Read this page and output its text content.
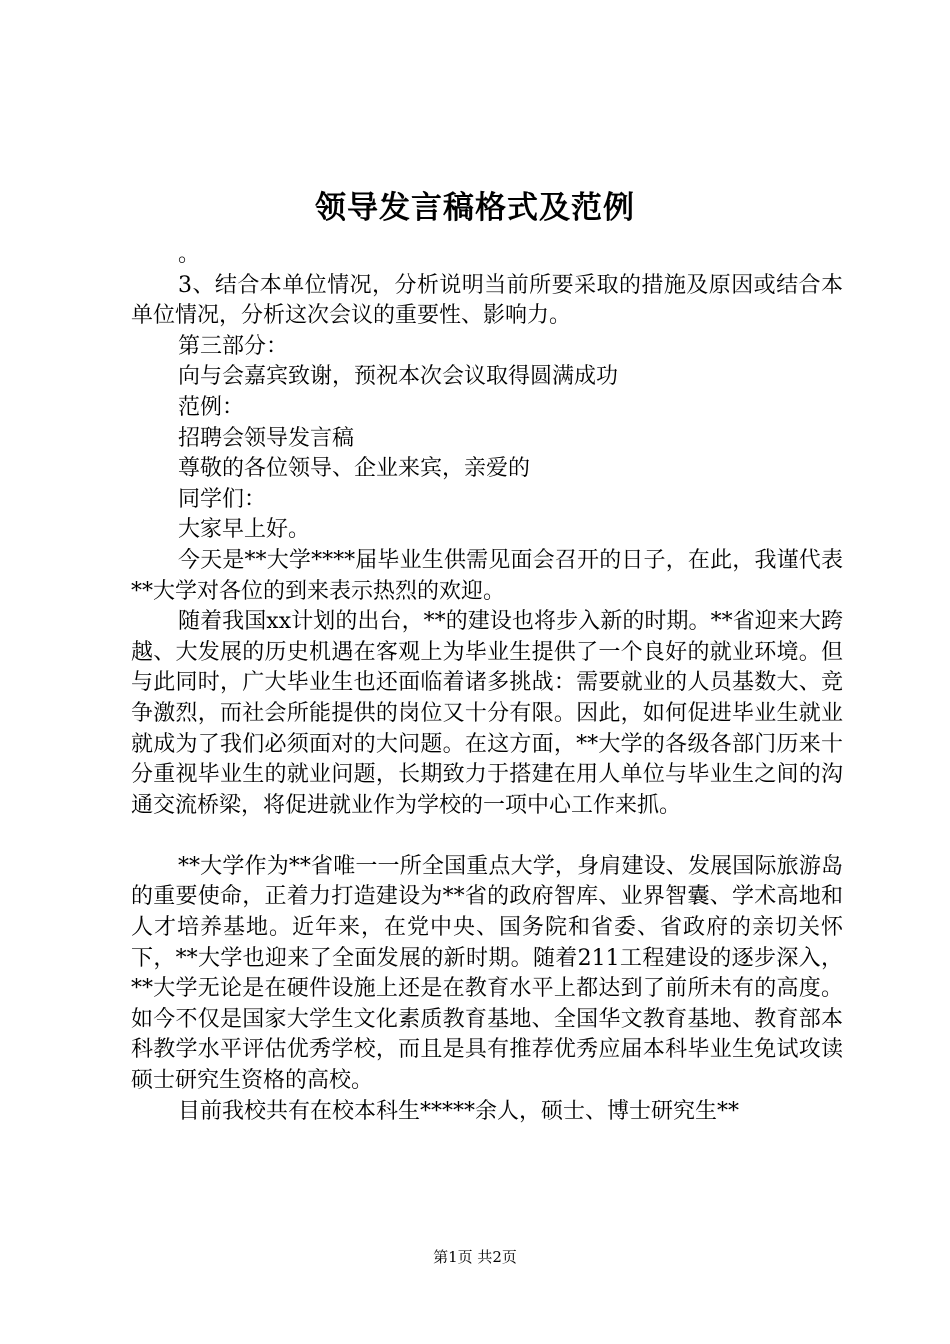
领导发言稿格式及范例

。

3、结合本单位情况，分析说明当前所要采取的措施及原因或结合本单位情况，分析这次会议的重要性、影响力。

第三部分：

向与会嘉宾致谢，预祝本次会议取得圆满成功

范例：

招聘会领导发言稿

尊敬的各位领导、企业来宾，亲爱的

同学们：

大家早上好。

今天是**大学****届毕业生供需见面会召开的日子，在此，我谨代表**大学对各位的到来表示热烈的欢迎。

随着我国xx计划的出台，**的建设也将步入新的时期。**省迎来大跨越、大发展的历史机遇在客观上为毕业生提供了一个良好的就业环境。但与此同时，广大毕业生也还面临着诸多挑战：需要就业的人员基数大、竞争激烈，而社会所能提供的岗位又十分有限。因此，如何促进毕业生就业就成为了我们必须面对的大问题。在这方面，**大学的各级各部门历来十分重视毕业生的就业问题，长期致力于搭建在用人单位与毕业生之间的沟通交流桥梁，将促进就业作为学校的一项中心工作来抓。

**大学作为**省唯一一所全国重点大学，身肩建设、发展国际旅游岛的重要使命，正着力打造建设为**省的政府智库、业界智囊、学术高地和人才培养基地。近年来，在党中央、国务院和省委、省政府的亲切关怀下，**大学也迎来了全面发展的新时期。随着211工程建设的逐步深入，**大学无论是在硬件设施上还是在教育水平上都达到了前所未有的高度。如今不仅是国家大学生文化素质教育基地、全国华文教育基地、教育部本科教学水平评估优秀学校，而且是具有推荐优秀应届本科毕业生免试攻读硕士研究生资格的高校。

目前我校共有在校本科生*****余人，硕士、博士研究生**

第1页 共2页
